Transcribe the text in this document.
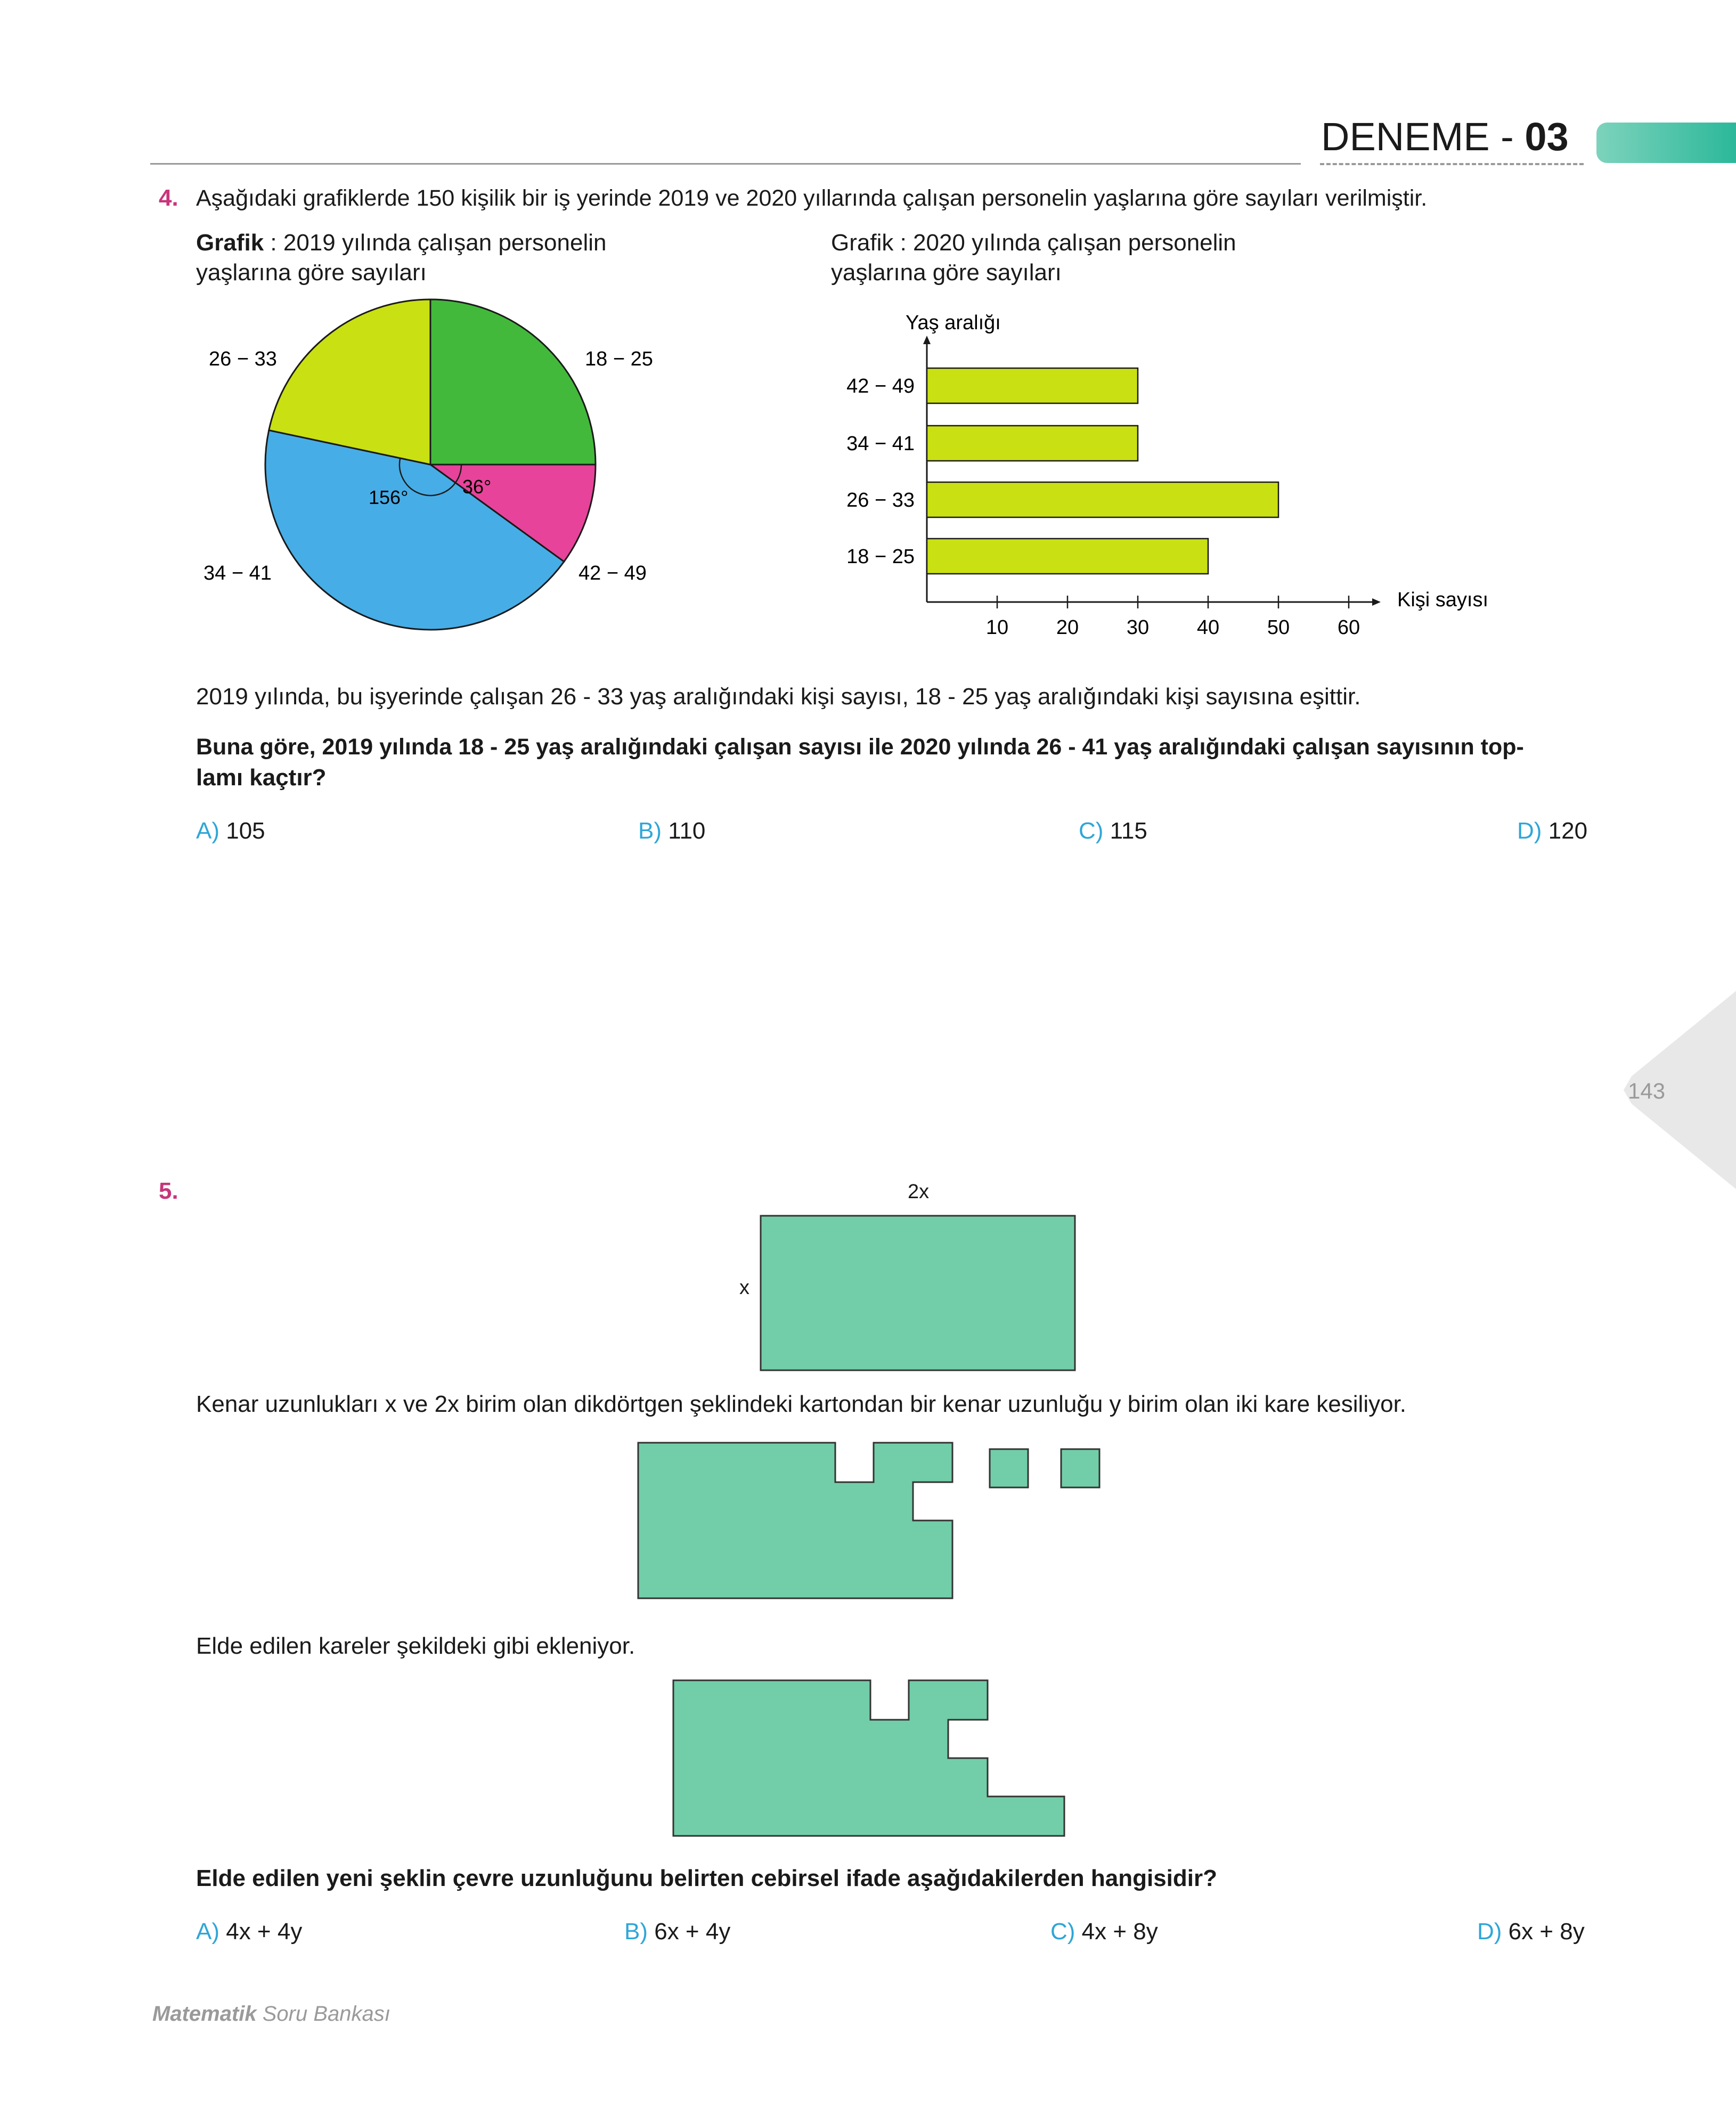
DENEME - 03
143
4. Aşağıdaki grafiklerde 150 kişilik bir iş yerinde 2019 ve 2020 yıllarında çalışan personelin yaşlarına göre sayıları verilmiştir.
Grafik : 2019 yılında çalışan personelin
yaşlarına göre sayıları
Grafik : 2020 yılında çalışan personelin
yaşlarına göre sayıları
26 − 33	18 − 25
34 − 41	42 − 49
156°	36°
Yaş aralığı
Kişi sayısı
42 − 49
34 − 41
26 − 33
18 − 25
10 20 30 40 50 60
2019 yılında, bu işyerinde çalışan 26 - 33 yaş aralığındaki kişi sayısı, 18 - 25 yaş aralığındaki kişi sayısına eşittir.
Buna göre, 2019 yılında 18 - 25 yaş aralığındaki çalışan sayısı ile 2020 yılında 26 - 41 yaş aralığındaki çalışan sayısının top-
lamı kaçtır?
A) 105	B) 110	C) 115	D) 120
5.	2x
x
Kenar uzunlukları x ve 2x birim olan dikdörtgen şeklindeki kartondan bir kenar uzunluğu y birim olan iki kare kesiliyor.
Elde edilen kareler şekildeki gibi ekleniyor.
Elde edilen yeni şeklin çevre uzunluğunu belirten cebirsel ifade aşağıdakilerden hangisidir?
A) 4x + 4y	B) 6x + 4y	C) 4x + 8y	D) 6x + 8y
Matematik Soru Bankası
